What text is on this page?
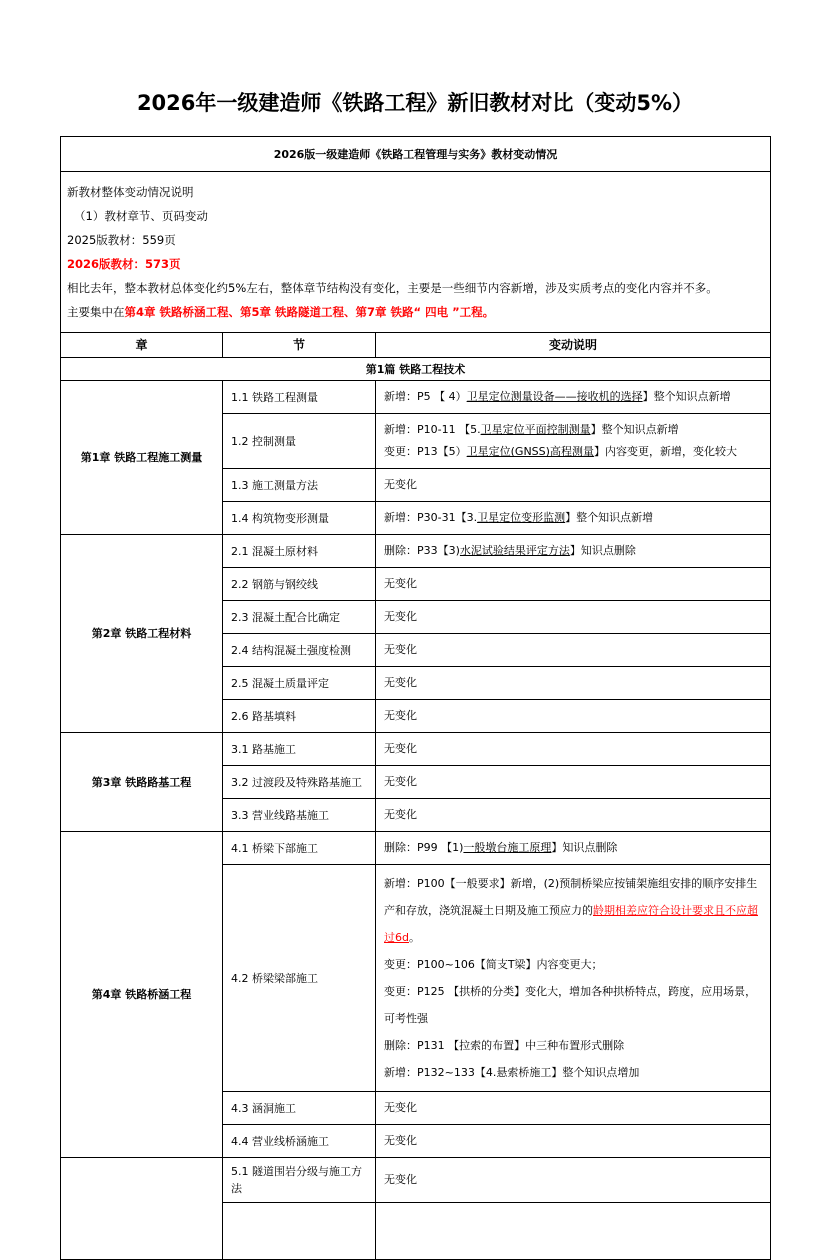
2026年一级建造师《铁路工程》新旧教材对比（变动5%）
2026版一级建造师《铁路工程管理与实务》教材变动情况		

新教材整体变动情况说明
（1）教材章节、页码变动
2025版教材：559页
2026版教材：573页
相比去年，整本教材总体变化约5%左右，整体章节结构没有变化，主要是一些细节内容新增，涉及实质考点的变化内容并不多。
主要集中在第4章 铁路桥涵工程、第5章 铁路隧道工程、第7章 铁路“ 四电 ”工程。

章	节	变动说明
第1篇 铁路工程技术		
第1章 铁路工程施工测量	1.1 铁路工程测量	新增：P5 【 4）卫星定位测量设备——接收机的选择】整个知识点新增

	1.2 控制测量	新增：P10-11 【5.卫星定位平面控制测量】整个知识点新增

变更：P13【5）卫星定位(GNSS)高程测量】内容变更，新增，变化较大

	1.3 施工测量方法	无变化

	1.4 构筑物变形测量	新增：P30-31【3.卫星定位变形监测】整个知识点新增

第2章 铁路工程材料	2.1 混凝土原材料	删除：P33【3)水泥试验结果评定方法】知识点删除

	2.2 钢筋与钢绞线	无变化

	2.3 混凝土配合比确定	无变化

	2.4 结构混凝土强度检测	无变化

	2.5 混凝土质量评定	无变化

	2.6 路基填料	无变化

第3章 铁路路基工程	3.1 路基施工	无变化

	3.2 过渡段及特殊路基施工	无变化

	3.3 营业线路基施工	无变化

第4章 铁路桥涵工程	4.1 桥梁下部施工	删除：P99 【1)一般墩台施工原理】知识点删除

	4.2 桥梁梁部施工	新增：P100【一般要求】新增，(2)预制桥梁应按铺架施组安排的顺序安排生产和存放，浇筑混凝土日期及施工预应力的龄期相差应符合设计要求且不应超过6d。

变更：P100~106【简支T梁】内容变更大；

变更：P125 【拱桥的分类】变化大，增加各种拱桥特点，跨度，应用场景，可考性强

删除：P131 【拉索的布置】中三种布置形式删除

新增：P132~133【4.悬索桥施工】整个知识点增加

	4.3 涵洞施工	无变化

	4.4 营业线桥涵施工	无变化

	5.1 隧道围岩分级与施工方法	无变化
